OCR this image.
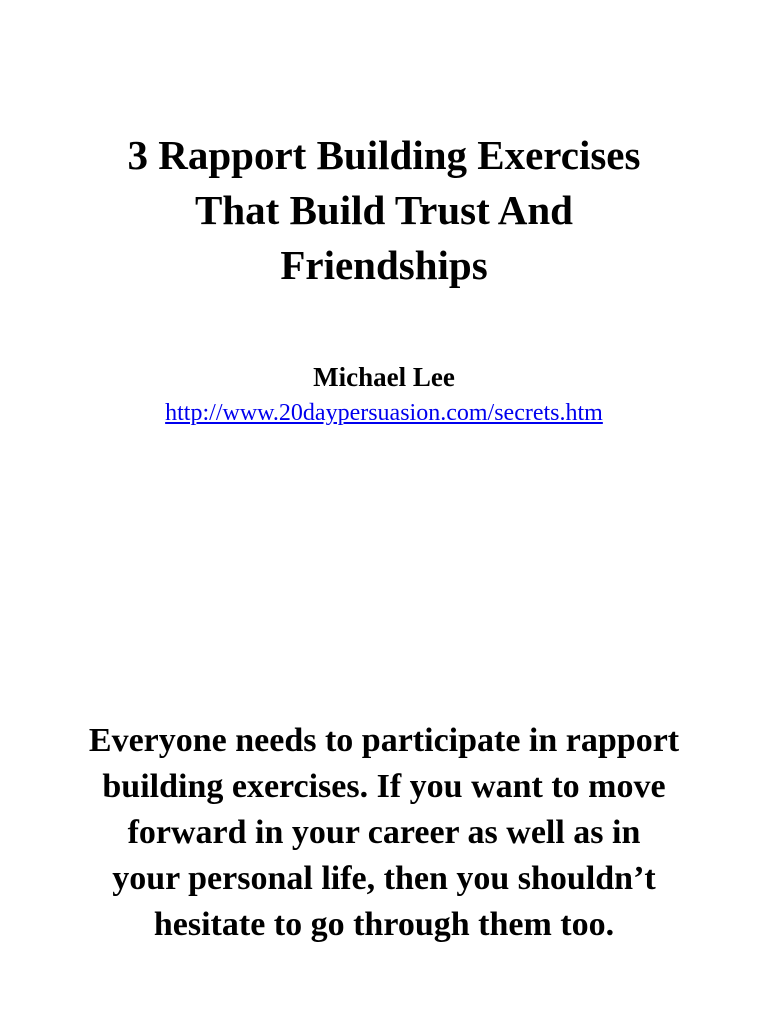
3 Rapport Building Exercises
That Build Trust And
Friendships

Michael Lee

http://www.20daypersuasion.com/secrets.htm

Everyone needs to participate in rapport
building exercises. If you want to move
forward in your career as well as in
your personal life, then you shouldn’t
hesitate to go through them too.
